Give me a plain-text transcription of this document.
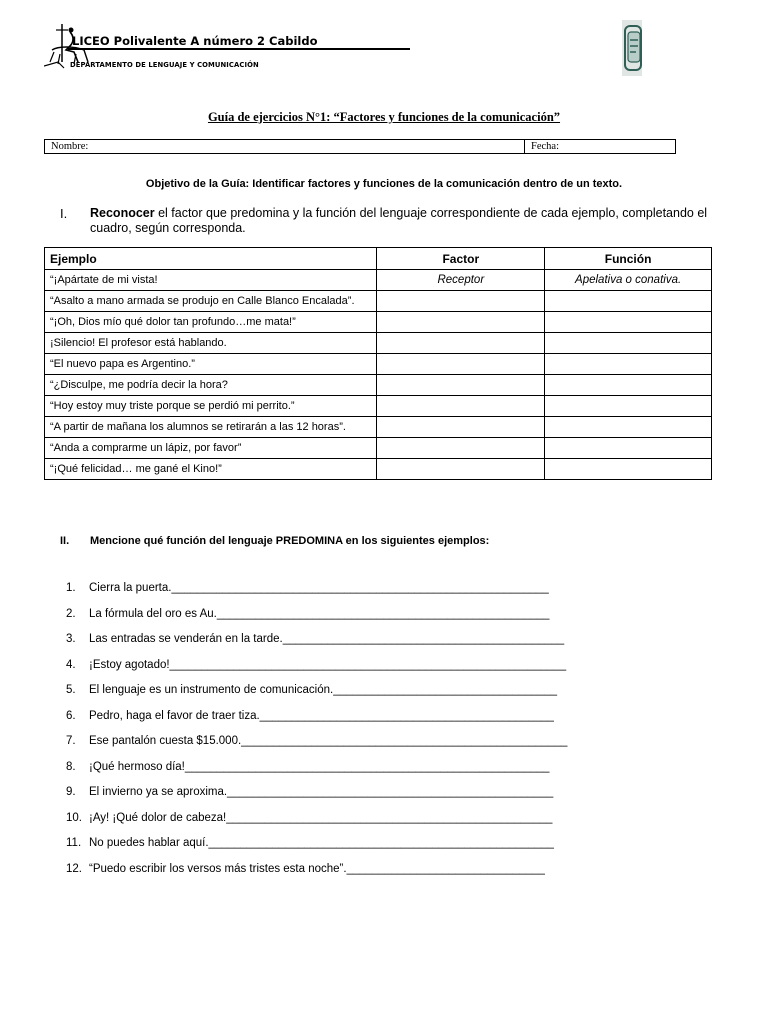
LICEO Polivalente A número 2 Cabildo
DEPARTAMENTO DE LENGUAJE Y COMUNICACIÓN
Guía de ejercicios N°1: “Factores y funciones de la comunicación”
Nombre:	Fecha:
Objetivo de la Guía: Identificar factores y funciones de la comunicación dentro de un texto.
I. Reconocer el factor que predomina y la función del lenguaje correspondiente de cada ejemplo, completando el cuadro, según corresponda.
Ejemplo	Factor	Función
“¡Apártate de mi vista!	Receptor	Apelativa o conativa.
“Asalto a mano armada se produjo en Calle Blanco Encalada”.		
“¡Oh, Dios mío qué dolor tan profundo…me mata!”		
¡Silencio! El profesor está hablando.		
“El nuevo papa es Argentino.”		
“¿Disculpe, me podría decir la hora?		
“Hoy estoy muy triste porque se perdió mi perrito.”		
“A partir de mañana los alumnos se retirarán a las 12 horas”.		
“Anda a comprarme un lápiz, por favor”		
“¡Qué felicidad… me gané el Kino!”		
II. Mencione qué función del lenguaje PREDOMINA en los siguientes ejemplos:
1.	Cierra la puerta.___________________________________________________________
2.	La fórmula del oro es Au.____________________________________________________
3.	Las entradas se venderán en la tarde.____________________________________________
4.	¡Estoy agotado!______________________________________________________________
5.	El lenguaje es un instrumento de comunicación.___________________________________
6.	Pedro, haga el favor de traer tiza.______________________________________________
7.	Ese pantalón cuesta $15.000.___________________________________________________
8.	¡Qué hermoso día!_________________________________________________________
9.	El invierno ya se aproxima.___________________________________________________
10. ¡Ay! ¡Qué dolor de cabeza!___________________________________________________
11. No puedes hablar aquí.______________________________________________________
12. “Puedo escribir los versos más tristes esta noche”._______________________________
